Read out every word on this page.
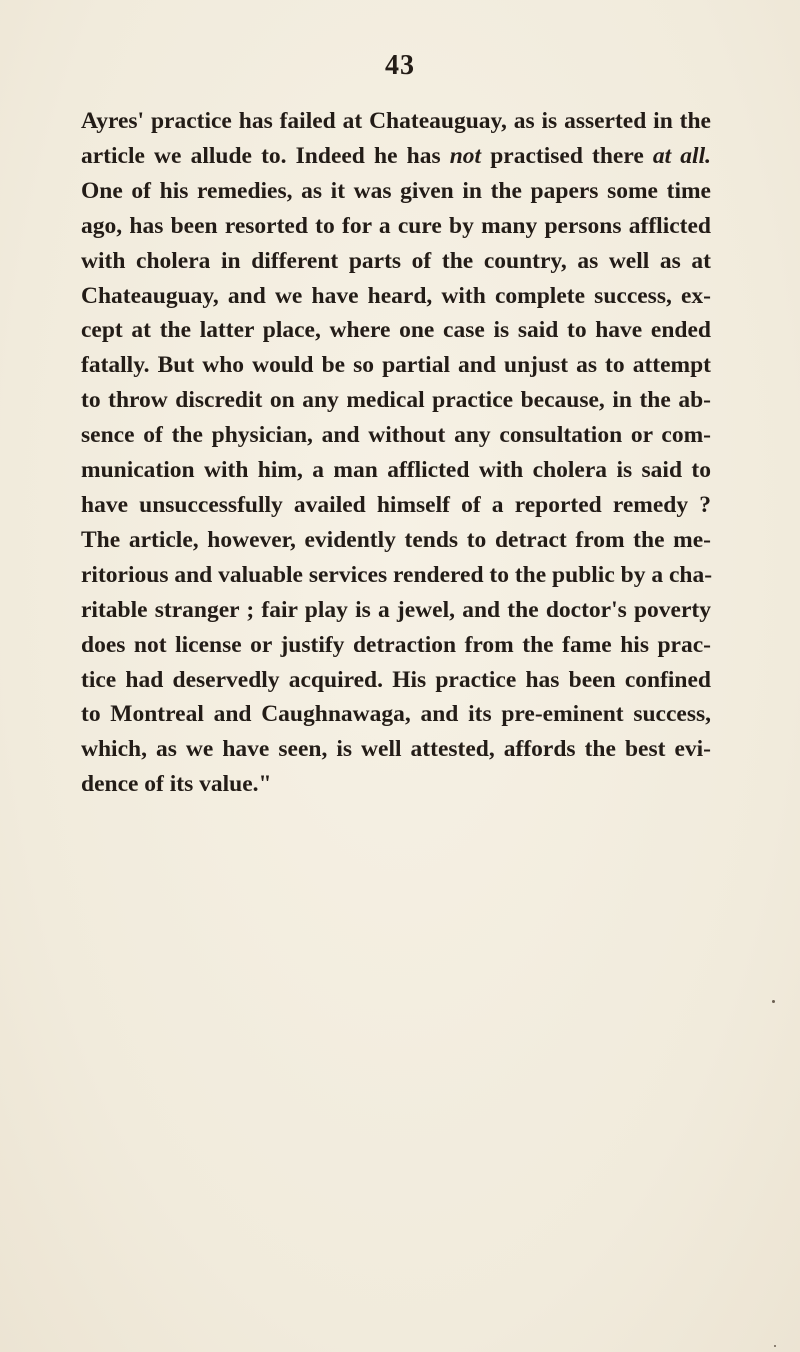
43
Ayres' practice has failed at Chateauguay, as is asserted in the
article we allude to. Indeed he has not practised there at all.
One of his remedies, as it was given in the papers some time
ago, has been resorted to for a cure by many persons afflicted
with cholera in different parts of the country, as well as at
Chateauguay, and we have heard, with complete success, ex-
cept at the latter place, where one case is said to have ended
fatally. But who would be so partial and unjust as to attempt
to throw discredit on any medical practice because, in the ab-
sence of the physician, and without any consultation or com-
munication with him, a man afflicted with cholera is said to
have unsuccessfully availed himself of a reported remedy ?
The article, however, evidently tends to detract from the me-
ritorious and valuable services rendered to the public by a cha-
ritable stranger ; fair play is a jewel, and the doctor's poverty
does not license or justify detraction from the fame his prac-
tice had deservedly acquired. His practice has been confined
to Montreal and Caughnawaga, and its pre-eminent success,
which, as we have seen, is well attested, affords the best evi-
dence of its value."
